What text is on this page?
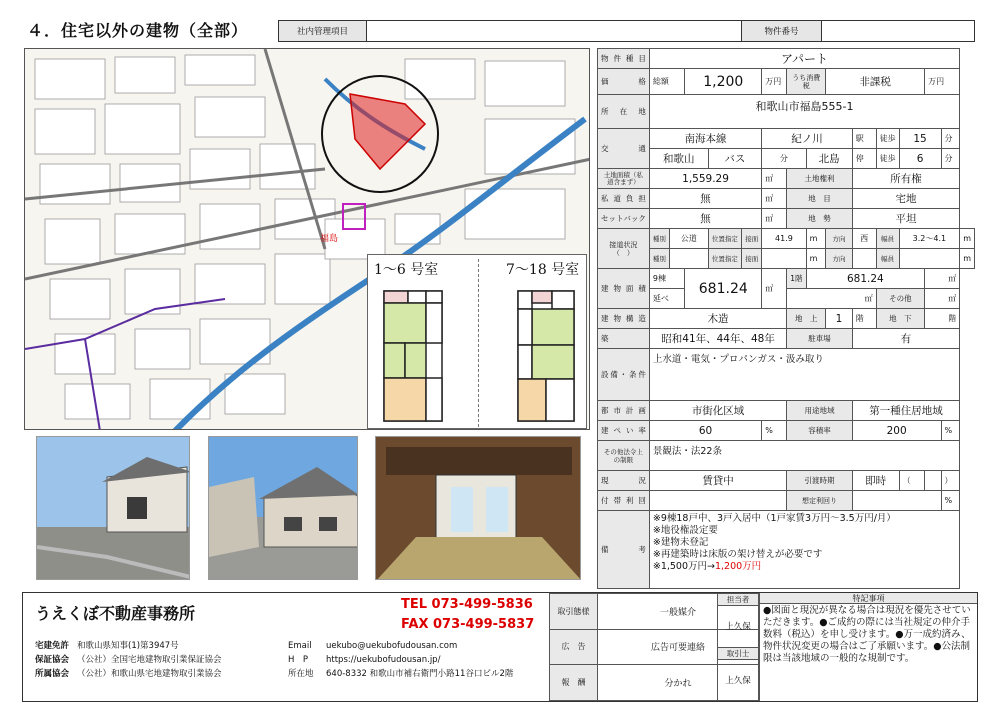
４．住宅以外の建物（全部）	社内管理項目	物件番号
福島
1〜6 号室	7〜18 号室
物件種目	アパート														
価　格	総額		1,200			万円	うち消費税		非課税				万円		
所在地	和歌山市福島555-1														
交　通	南海本線					紀ノ川				駅	徒歩	15		分	
	和歌山			バス		分		北島		停	徒歩	6		分	
土地面積（私道含まず）	1,559.29					㎡	土地権利			所有権					
私道負担	無					㎡	地　目			宅地					
セットバック	無					㎡	地　勢			平坦					
接道状況（　）	種別	公道		位置指定	接面	41.9		m	方向	西	幅員	3.2〜4.1			m
	種別			位置指定	接面			m	方向		幅員				m
建物面積	9棟		681.24			㎡	1階	681.24					㎡		
	延べ						㎡				その他		㎡		
建物構造	木造						地　上		1	階	地　下		階		
築	昭和41年、44年、48年						駐車場			有					
設備・条件	上水道・電気・プロパンガス・汲み取り														
都市計画	市街化区域						用途地域			第一種住居地域					
建ぺい率	60					%	容積率			200				%	
その他法令上の制限	景観法・法22条														
現　況	賃貸中						引渡時期			即時		（		）	
付帯利回							想定利回り							%	
備　考	※9棟18戸中、3戸入居中（1戸家賃3万円〜3.5万円/月）
※地役権設定要
※建物未登記
※再建築時は床版の架け替えが必要です
※1,500万円→1,200万円														
うえくぼ不動産事務所	TEL 073-499-5836
FAX 073-499-5837
宅建免許 和歌山県知事(1)第3947号
保証協会 （公社）全国宅地建物取引業保証協会
所属協会 （公社）和歌山県宅地建物取引業協会
Email uekubo@uekubofudousan.com
H　P https://uekubofudousan.jp/
所在地 640-8332 和歌山市補右衛門小路11谷口ビル2階
取引態様	一般媒介
広　告	広告可要連絡
報　酬	分かれ
担当者
上久保
取引士
上久保
特記事項
●図面と現況が異なる場合は現況を優先させていただきます。●ご成約の際には当社規定の仲介手数料（税込）を申し受けます。●万一成約済み、物件状況変更の場合はご了承願います。●公法制限は当該地域の一般的な規制です。
